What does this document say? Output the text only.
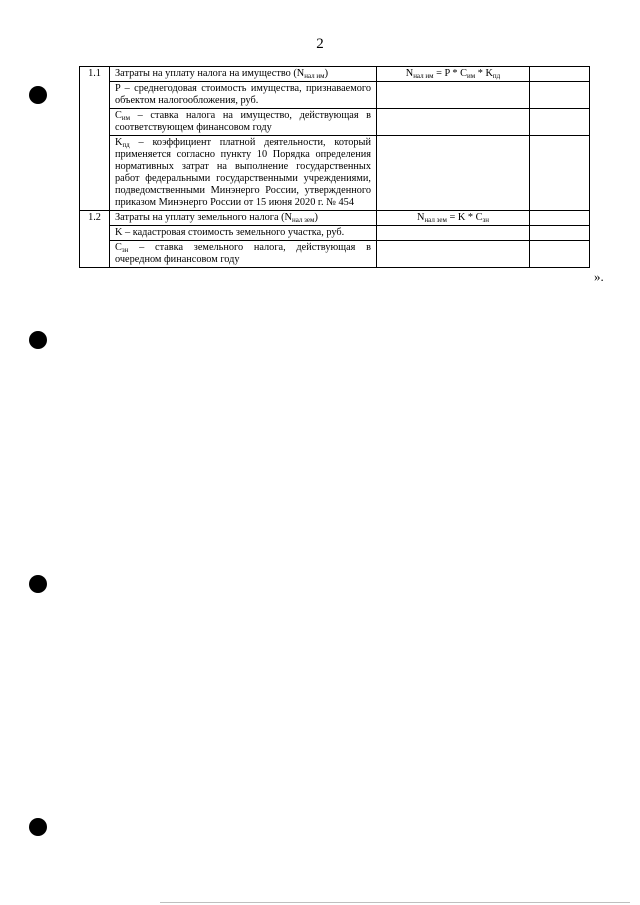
2
1.1	Затраты на уплату налога на имущество $(N_{нал им})$	$N_{нал им} = P * C_{им} * K_{пд}$	
	P – среднегодовая стоимость имущества, признаваемого объектом налогообложения, руб.		
	$C_{им}$ – ставка налога на имущество, действующая в соответствующем финансовом году		
	$K_{пд}$ – коэффициент платной деятельности, который применяется согласно пункту 10 Порядка определения нормативных затрат на выполнение государственных работ федеральными государственными учреждениями, подведомственными Минэнерго России, утвержденного приказом Минэнерго России от 15 июня 2020 г. № 454		
1.2	Затраты на уплату земельного налога $(N_{нал зем})$	$N_{нал зем} = K * C_{зн}$	
	K – кадастровая стоимость земельного участка, руб.		
	$C_{зн}$ – ставка земельного налога, действующая в очередном финансовом году		
».
